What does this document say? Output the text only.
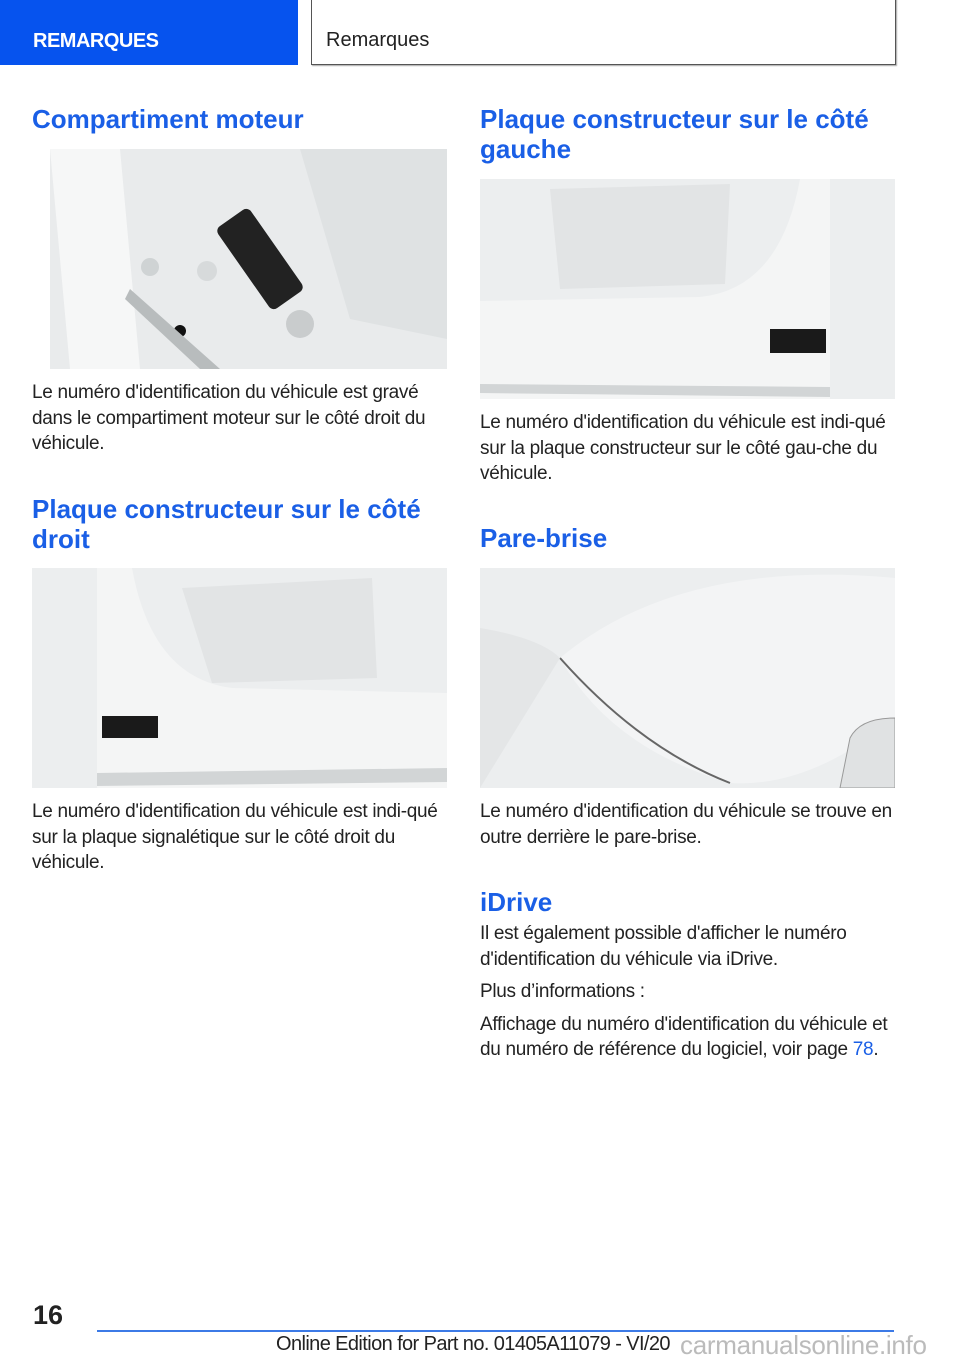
REMARQUES	Remarques
Compartiment moteur

Le numéro d'identification du véhicule est gravé dans le compartiment moteur sur le côté droit du véhicule.

Plaque constructeur sur le côté droit

Le numéro d'identification du véhicule est indi-qué sur la plaque signalétique sur le côté droit du véhicule.

Plaque constructeur sur le côté gauche

Le numéro d'identification du véhicule est indi-qué sur la plaque constructeur sur le côté gau-che du véhicule.

Pare-brise

Le numéro d'identification du véhicule se trouve en outre derrière le pare-brise.

iDrive

Il est également possible d'afficher le numéro d'identification du véhicule via iDrive.

Plus d’informations :

Affichage du numéro d'identification du véhicule et du numéro de référence du logiciel, voir page 78.

16
Online Edition for Part no. 01405A11079 - VI/20 carmanualsonline.info
